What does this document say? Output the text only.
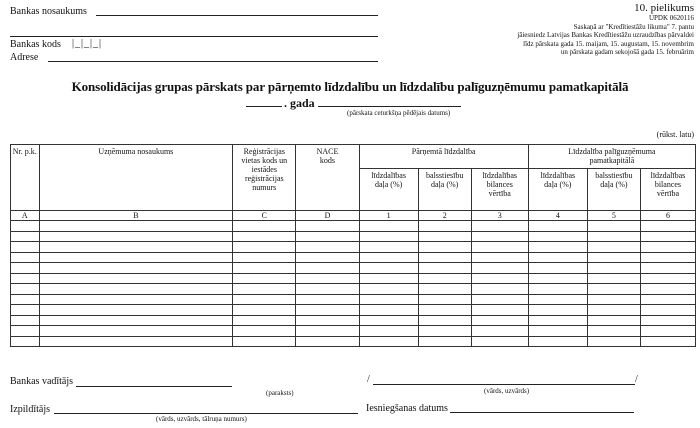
Bankas nosaukums
Bankas kods |_|_|_|
Adrese
10. pielikums
UPDK 0620116
Saskaņā ar "Kredītiestāžu likuma" 7. pantu
jāiesniedz Latvijas Bankas Kredītiestāžu uzraudzības pārvaldei
līdz pārskata gada 15. maijam, 15. augustam, 15. novembrim
un pārskata gadam sekojošā gada 15. februārim
Konsolidācijas grupas pārskats par pārņemto līdzdalību un līdzdalību palīguzņēmumu pamatkapitālā
. gada
(pārskata ceturkšņa pēdējais datums)
(rūkst. latu)
Nr. p.k.	Uzņēmuma nosaukums	Reģistrācijas vietas kods un iestādes reģistrācijas numurs	NACE kods	Pārņemtā līdzdalība			Līdzdalība palīguzņēmuma pamatkapitālā		
				līdzdalības daļa (%)	balsstiesību daļa (%)	līdzdalības bilances vērtība	līdzdalības daļa (%)	balsstiesību daļa (%)	līdzdalības bilances vērtība
A	B	C	D	1	2	3	4	5	6

Bankas vadītājs
(paraksts)
/	/
(vārds, uzvārds)
Izpildītājs
(vārds, uzvārds, tālruņa numurs)
Iesniegšanas datums
